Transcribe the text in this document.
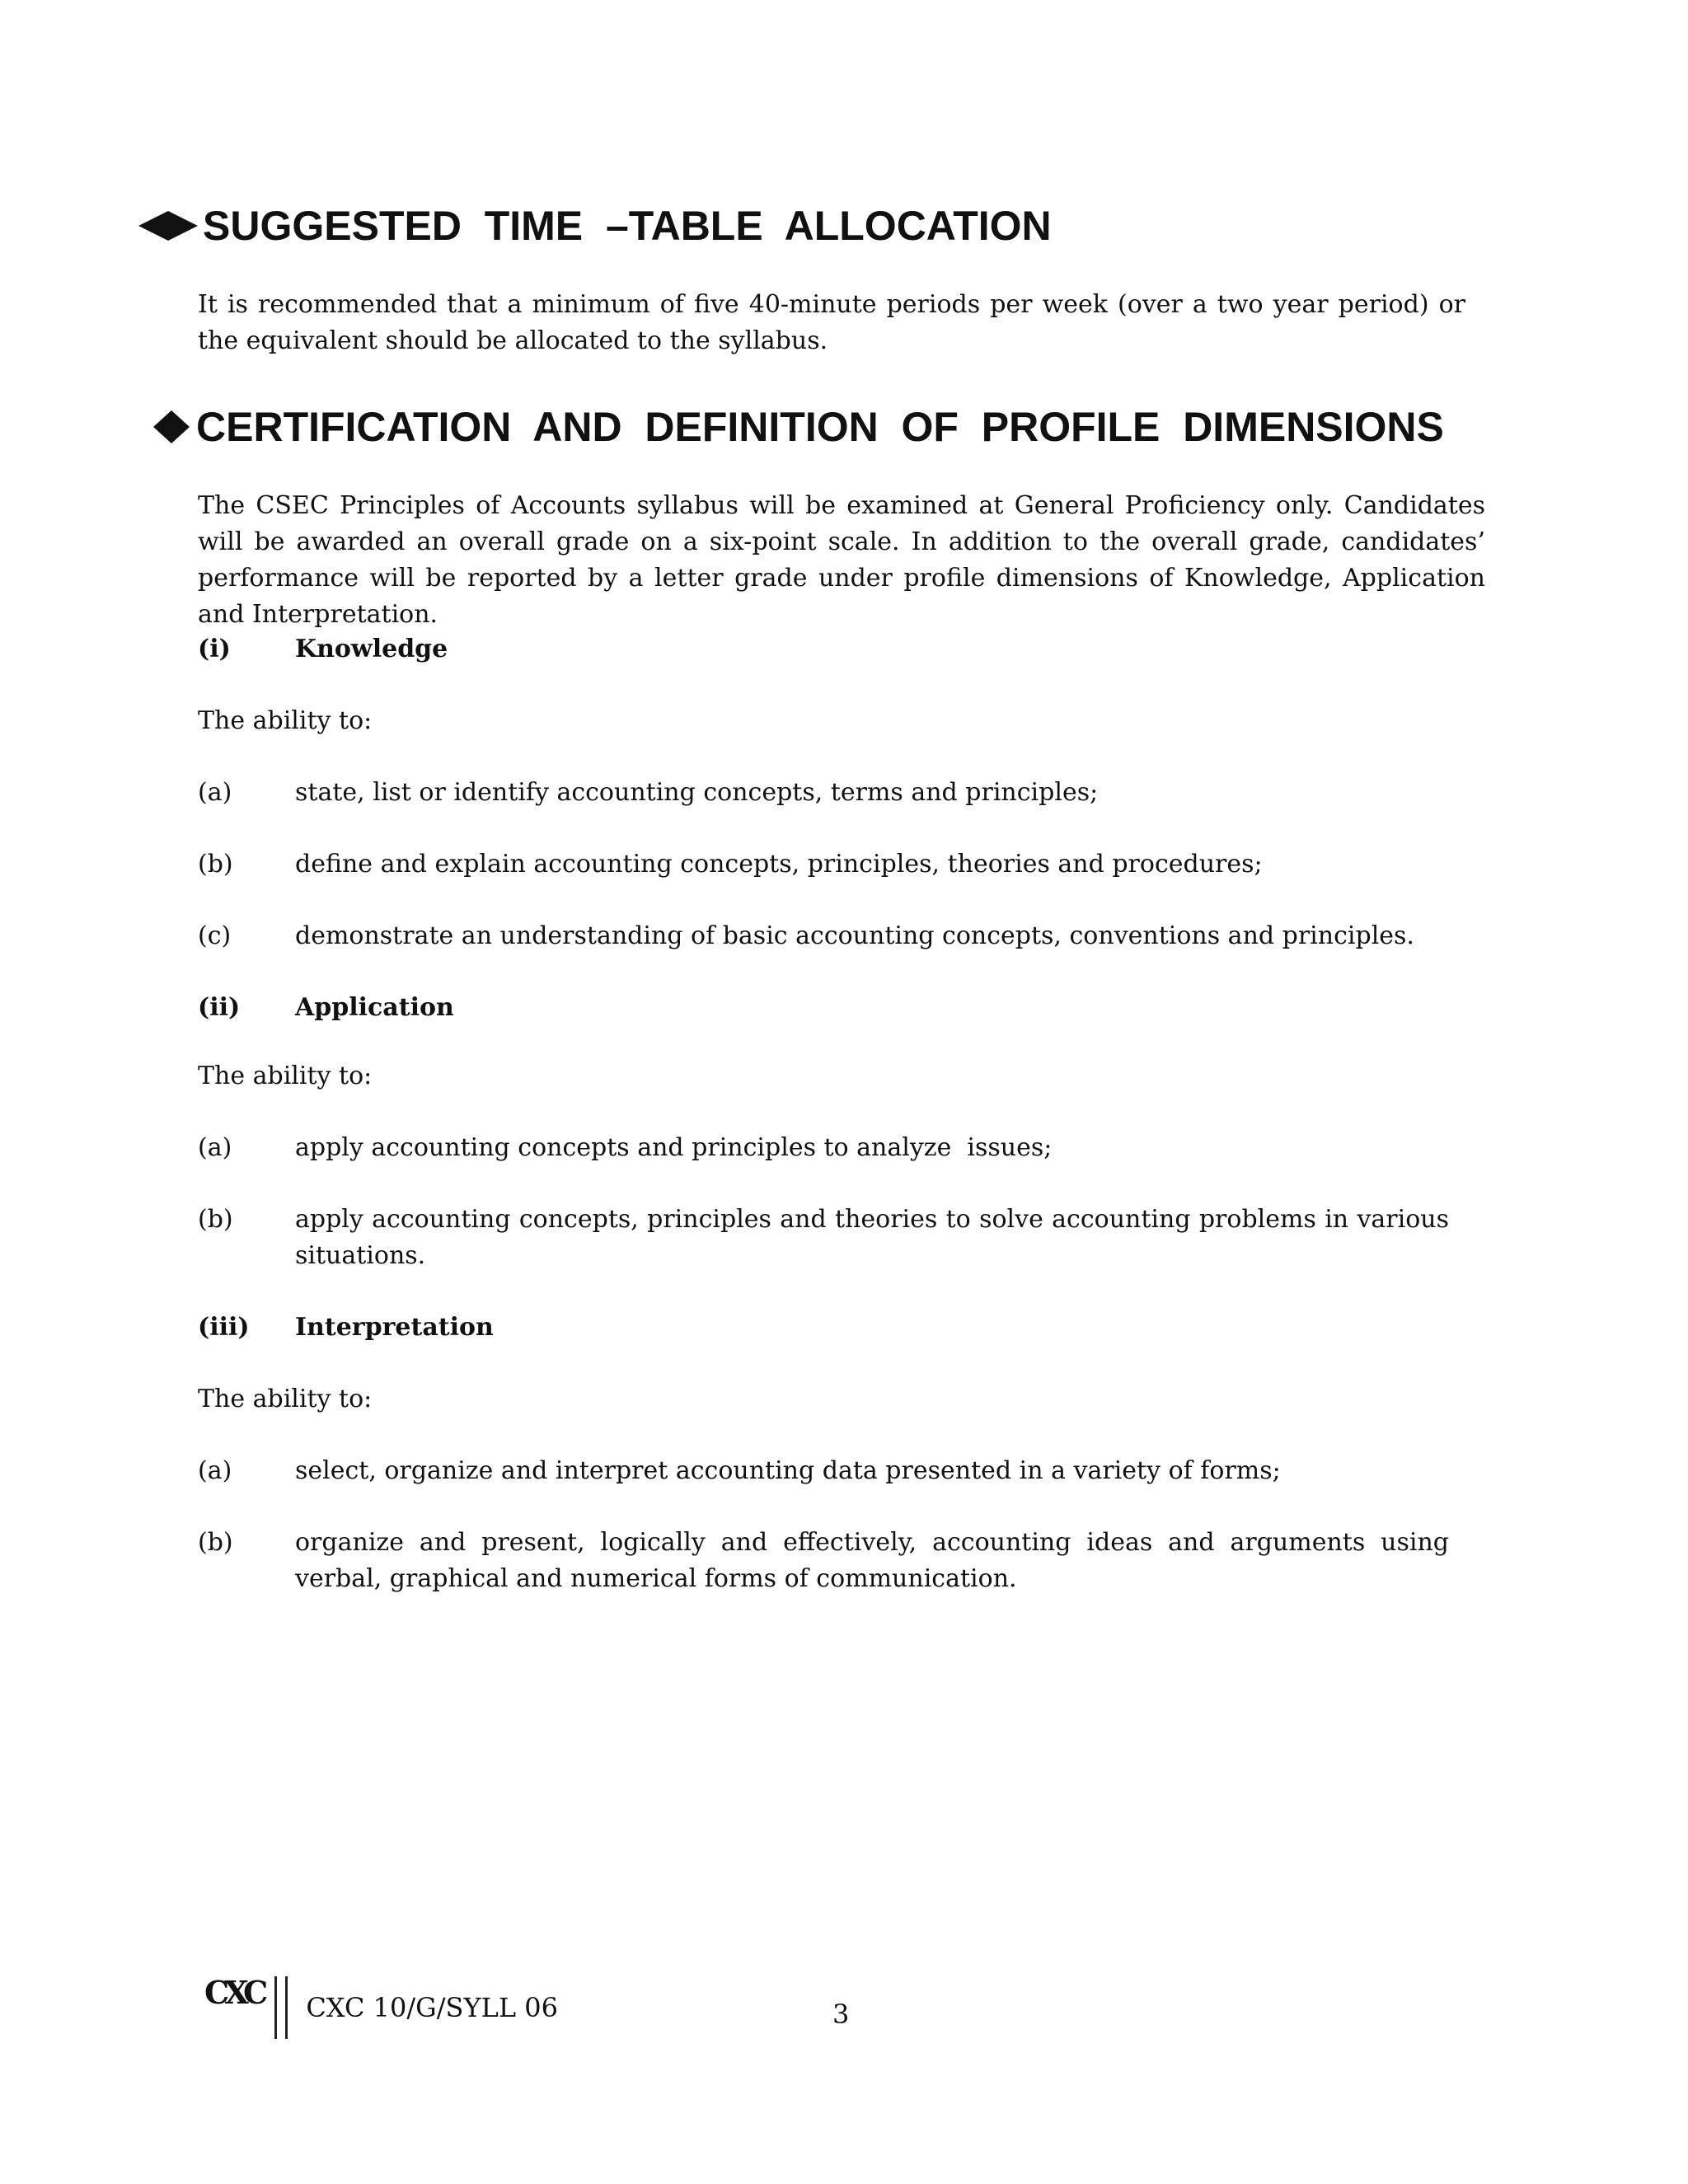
SUGGESTED  TIME  –TABLE  ALLOCATION
It is recommended that a minimum of five 40-minute periods per week (over a two year period) or the equivalent should be allocated to the syllabus.
CERTIFICATION  AND  DEFINITION  OF  PROFILE  DIMENSIONS
The CSEC Principles of Accounts syllabus will be examined at General Proficiency only. Candidates will be awarded an overall grade on a six-point scale. In addition to the overall grade, candidates’ performance will be reported by a letter grade under profile dimensions of Knowledge, Application and Interpretation.
(i)	Knowledge
The ability to:
(a)	state, list or identify accounting concepts, terms and principles;
(b)	define and explain accounting concepts, principles, theories and procedures;
(c)	demonstrate an understanding of basic accounting concepts, conventions and principles.
(ii) Application
The ability to:
(a)	apply accounting concepts and principles to analyze  issues;
(b)	apply accounting concepts, principles and theories to solve accounting problems in various situations.
(iii) Interpretation
The ability to:
(a)	select, organize and interpret accounting data presented in a variety of forms;
(b)	organize and present, logically and effectively, accounting ideas and arguments using verbal, graphical and numerical forms of communication.
CXC CXC 10/G/SYLL 06	3
